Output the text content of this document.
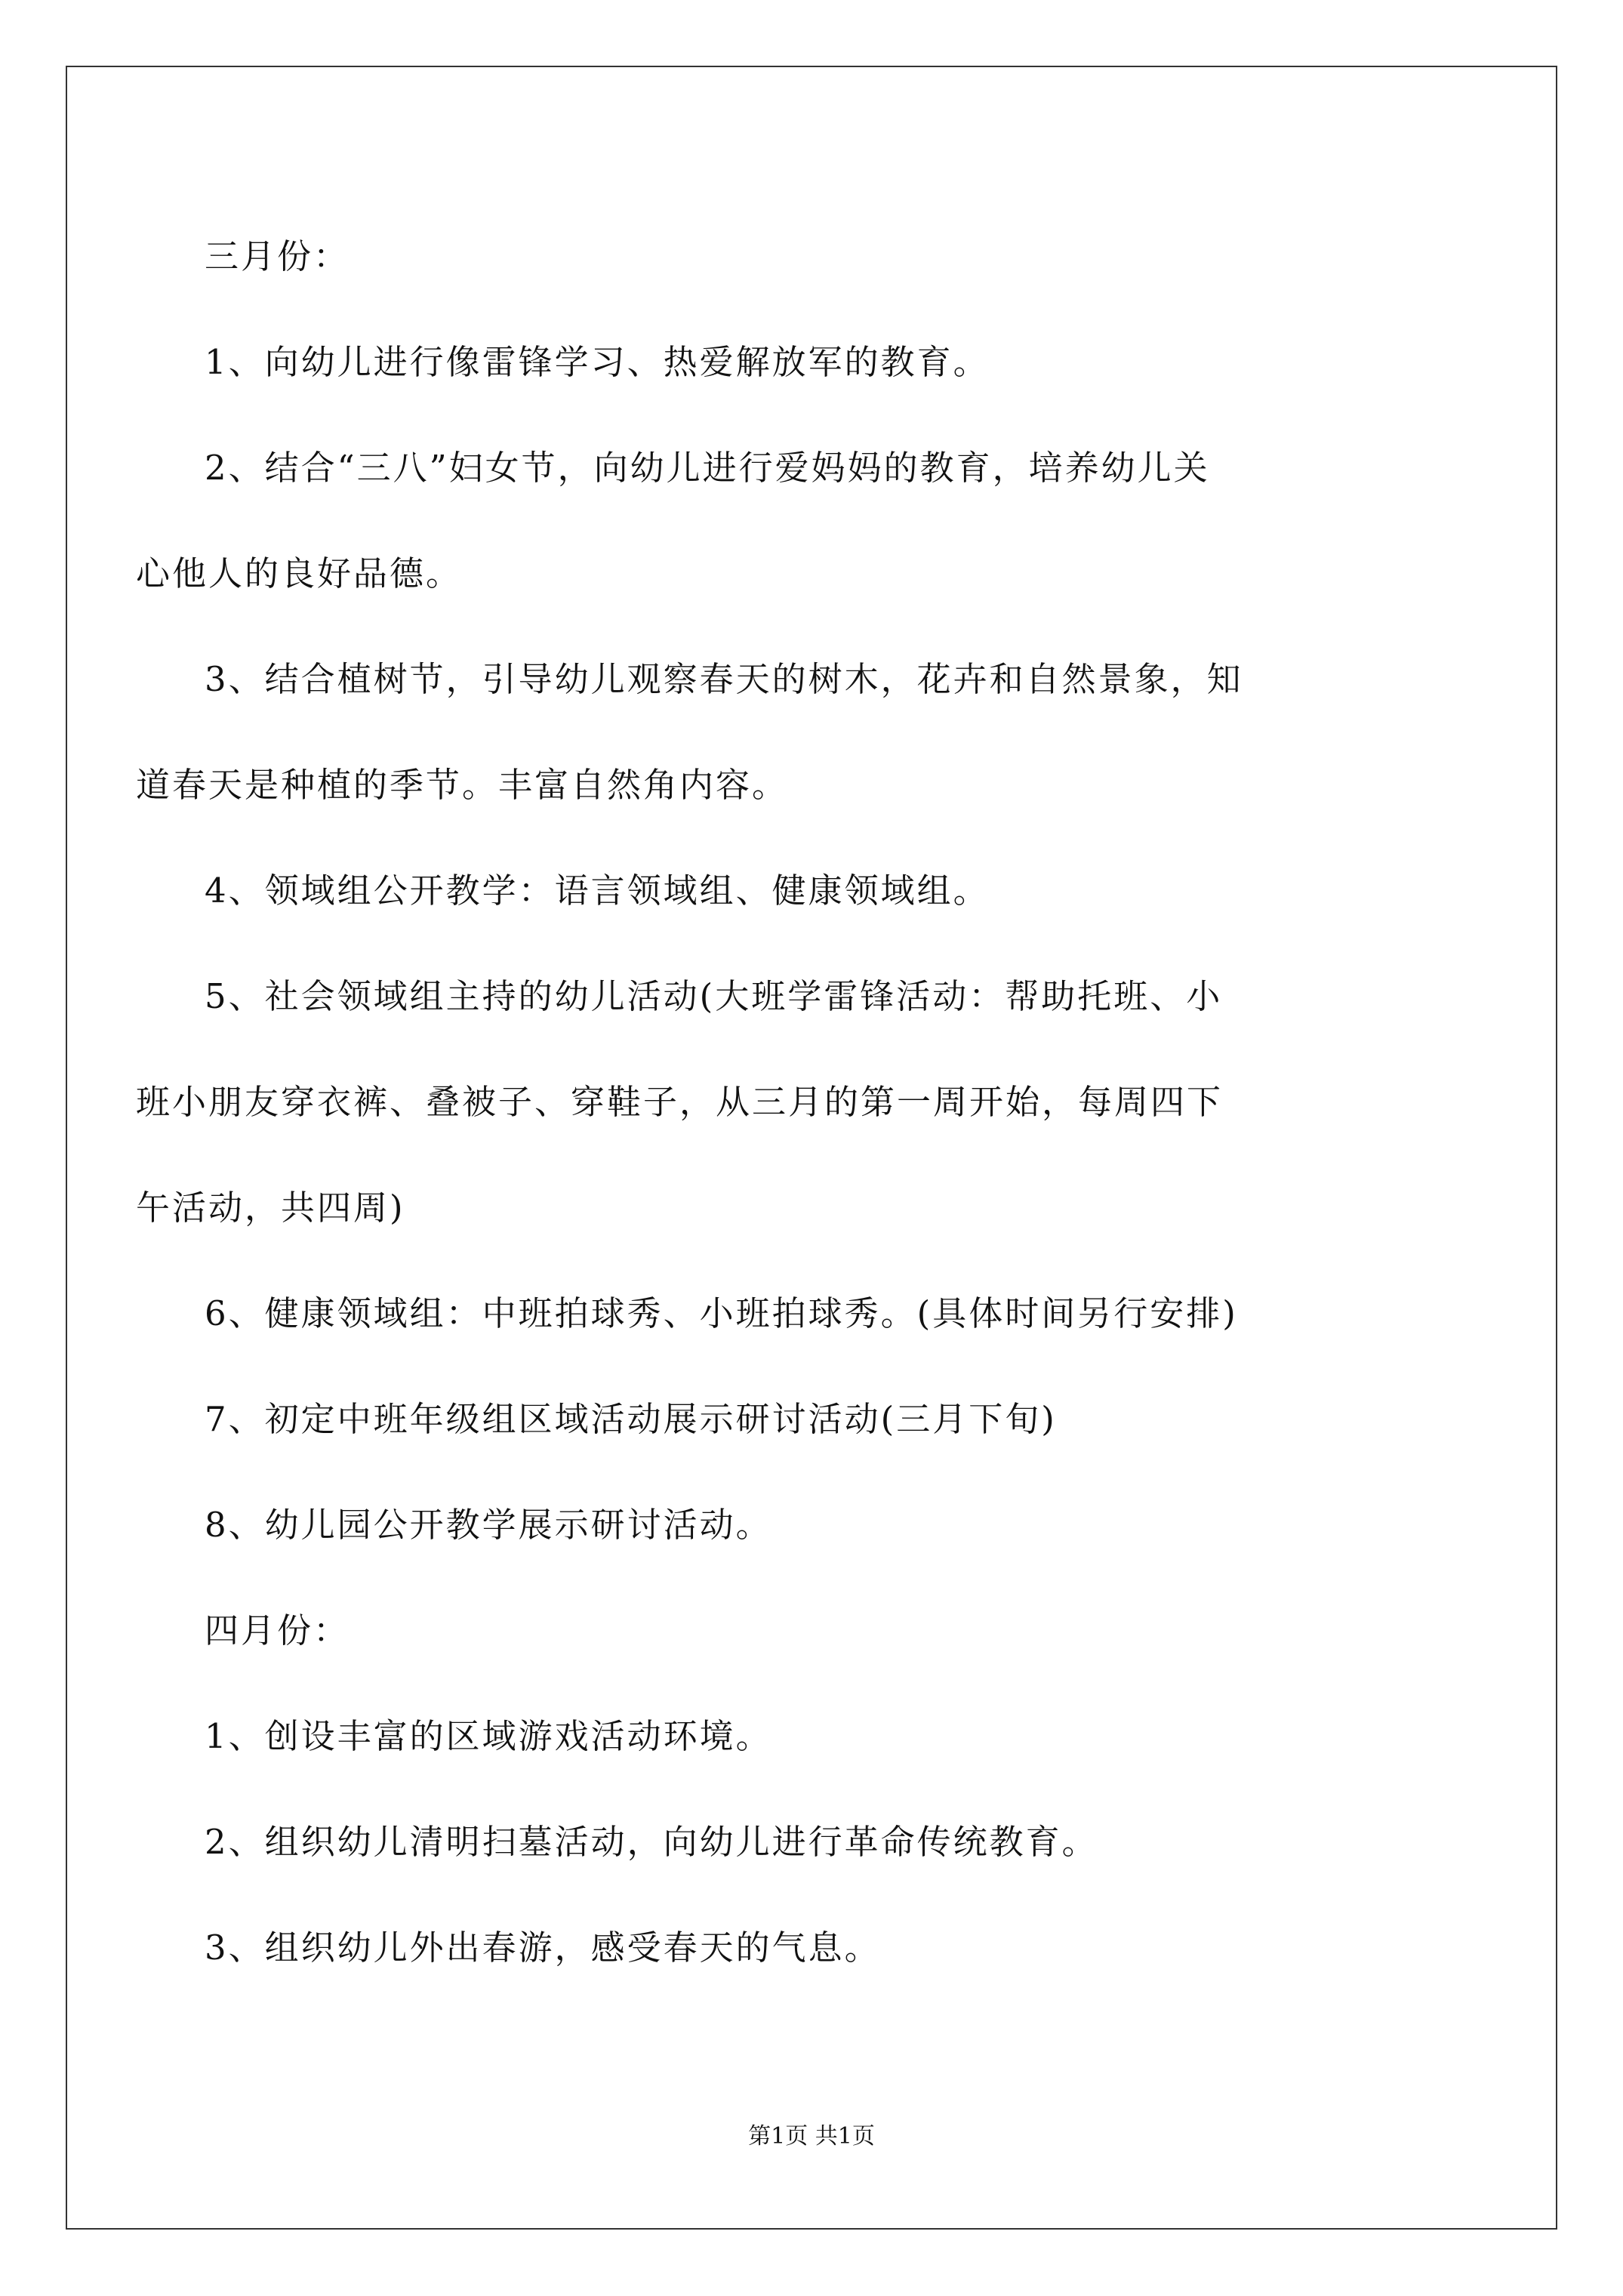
三月份：

1、向幼儿进行像雷锋学习、热爱解放军的教育。

2、结合“三八”妇女节，向幼儿进行爱妈妈的教育，培养幼儿关

心他人的良好品德。

3、结合植树节，引导幼儿观察春天的树木，花卉和自然景象，知

道春天是种植的季节。丰富自然角内容。

4、领域组公开教学：语言领域组、健康领域组。

5、社会领域组主持的幼儿活动(大班学雷锋活动：帮助托班、小

班小朋友穿衣裤、叠被子、穿鞋子，从三月的第一周开始，每周四下

午活动，共四周)

6、健康领域组：中班拍球秀、小班拍球秀。(具体时间另行安排)

7、初定中班年级组区域活动展示研讨活动(三月下旬)

8、幼儿园公开教学展示研讨活动。

四月份：

1、创设丰富的区域游戏活动环境。

2、组织幼儿清明扫墓活动，向幼儿进行革命传统教育。

3、组织幼儿外出春游，感受春天的气息。

第1页 共1页
